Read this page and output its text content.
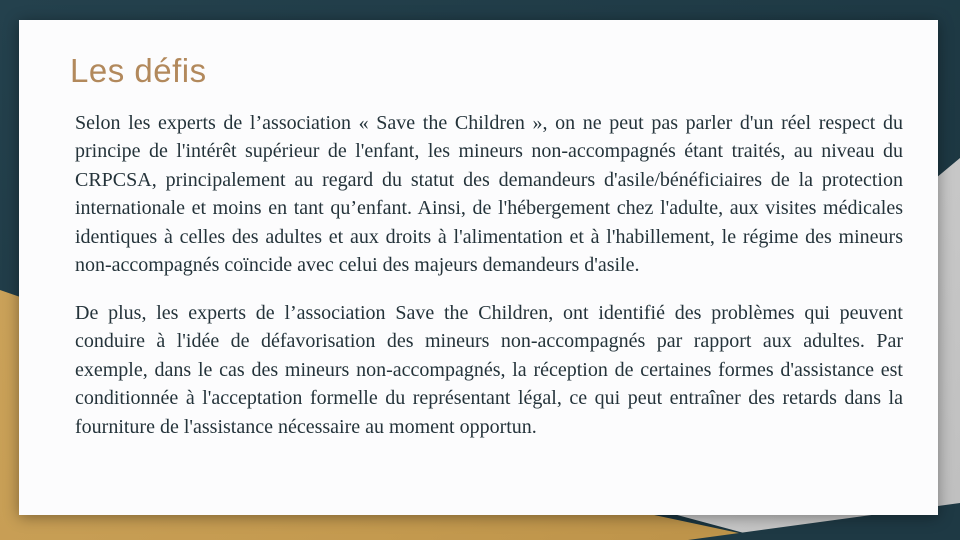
Les défis

Selon les experts de l’association « Save the Children », on ne peut pas parler d'un réel respect du principe de l'intérêt supérieur de l'enfant, les mineurs non-accompagnés étant traités, au niveau du CRPCSA, principalement au regard du statut des demandeurs d'asile/bénéficiaires de la protection internationale et moins en tant qu’enfant. Ainsi, de l'hébergement chez l'adulte, aux visites médicales identiques à celles des adultes et aux droits à l'alimentation et à l'habillement, le régime des mineurs non-accompagnés coïncide avec celui des majeurs demandeurs d'asile.

De plus, les experts de l’association Save the Children, ont identifié des problèmes qui peuvent conduire à l'idée de défavorisation des mineurs non-accompagnés par rapport aux adultes. Par exemple, dans le cas des mineurs non-accompagnés, la réception de certaines formes d'assistance est conditionnée à l'acceptation formelle du représentant légal, ce qui peut entraîner des retards dans la fourniture de l'assistance nécessaire au moment opportun.
